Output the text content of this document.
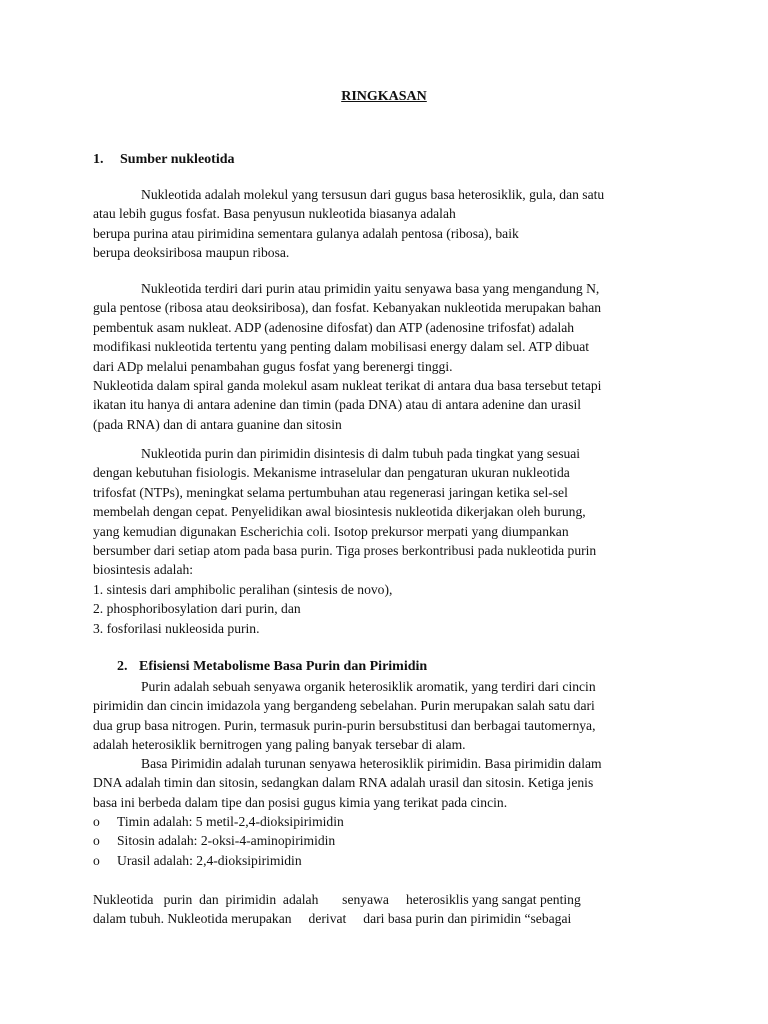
RINGKASAN
1. Sumber nukleotida
Nukleotida adalah molekul yang tersusun dari gugus basa heterosiklik, gula, dan satu
atau lebih gugus fosfat. Basa penyusun nukleotida biasanya adalah
berupa purina atau pirimidina sementara gulanya adalah pentosa (ribosa), baik
berupa deoksiribosa maupun ribosa.
Nukleotida terdiri dari purin atau primidin yaitu senyawa basa yang mengandung N,
gula pentose (ribosa atau deoksiribosa), dan fosfat. Kebanyakan nukleotida merupakan bahan
pembentuk asam nukleat. ADP (adenosine difosfat) dan ATP (adenosine trifosfat) adalah
modifikasi nukleotida tertentu yang penting dalam mobilisasi energy dalam sel. ATP dibuat
dari ADp melalui penambahan gugus fosfat yang berenergi tinggi.
Nukleotida dalam spiral ganda molekul asam nukleat terikat di antara dua basa tersebut tetapi
ikatan itu hanya di antara adenine dan timin (pada DNA) atau di antara adenine dan urasil
(pada RNA) dan di antara guanine dan sitosin
Nukleotida purin dan pirimidin disintesis di dalm tubuh pada tingkat yang sesuai
dengan kebutuhan fisiologis. Mekanisme intraselular dan pengaturan ukuran nukleotida
trifosfat (NTPs), meningkat selama pertumbuhan atau regenerasi jaringan ketika sel-sel
membelah dengan cepat. Penyelidikan awal biosintesis nukleotida dikerjakan oleh burung,
yang kemudian digunakan Escherichia coli. Isotop prekursor merpati yang diumpankan
bersumber dari setiap atom pada basa purin. Tiga proses berkontribusi pada nukleotida purin
biosintesis adalah:
1. sintesis dari amphibolic peralihan (sintesis de novo),
2. phosphoribosylation dari purin, dan
3. fosforilasi nukleosida purin.
2. Efisiensi Metabolisme Basa Purin dan Pirimidin
Purin adalah sebuah senyawa organik heterosiklik aromatik, yang terdiri dari cincin
pirimidin dan cincin imidazola yang bergandeng sebelahan. Purin merupakan salah satu dari
dua grup basa nitrogen. Purin, termasuk purin-purin bersubstitusi dan berbagai tautomernya,
adalah heterosiklik bernitrogen yang paling banyak tersebar di alam.
Basa Pirimidin adalah turunan senyawa heterosiklik pirimidin. Basa pirimidin dalam
DNA adalah timin dan sitosin, sedangkan dalam RNA adalah urasil dan sitosin. Ketiga jenis
basa ini berbeda dalam tipe dan posisi gugus kimia yang terikat pada cincin.
o Timin adalah: 5 metil-2,4-dioksipirimidin
o Sitosin adalah: 2-oksi-4-aminopirimidin
o Urasil adalah: 2,4-dioksipirimidin
Nukleotida   purin  dan  pirimidin  adalah       senyawa     heterosiklis yang sangat penting
dalam tubuh. Nukleotida merupakan     derivat     dari basa purin dan pirimidin “sebagai
